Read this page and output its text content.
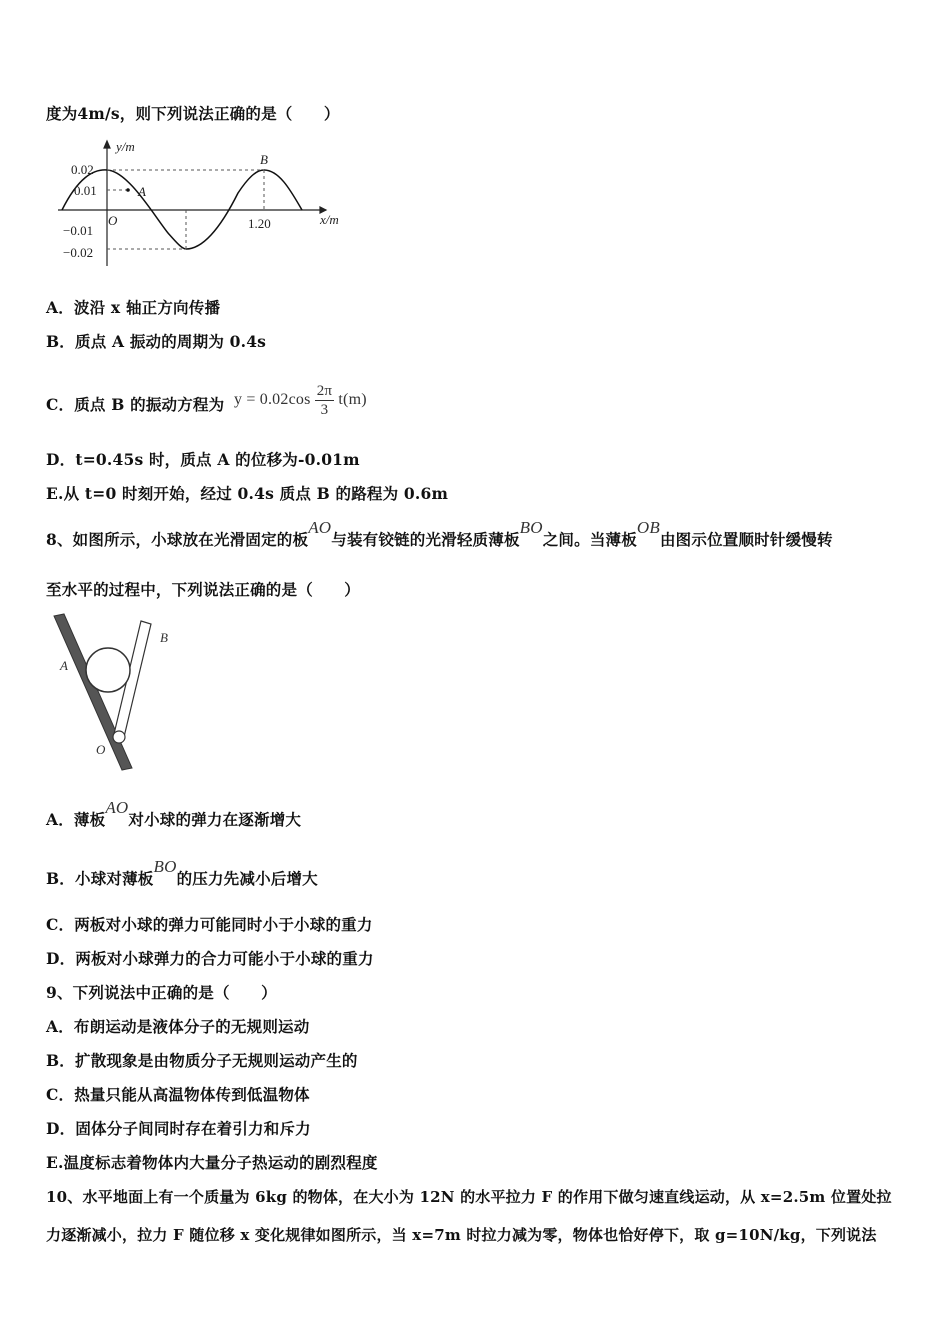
度为4m/s，则下列说法正确的是（　　）
y/m
x/m
B
A
O
0.02
0.01
−0.01
−0.02
1.20
A．波沿 x 轴正方向传播
B．质点 A 振动的周期为 0.4s
C．质点 B 的振动方程为 $y = 0.02\cos \frac{2\pi}{3} t(m)$
D．t=0.45s 时，质点 A 的位移为-0.01m
E.从 t=0 时刻开始，经过 0.4s 质点 B 的路程为 0.6m
8、如图所示，小球放在光滑固定的板AO与装有铰链的光滑轻质薄板BO之间。当薄板OB由图示位置顺时针缓慢转
至水平的过程中，下列说法正确的是（　　）
A
B
O
A．薄板AO对小球的弹力在逐渐增大
B．小球对薄板BO的压力先减小后增大
C．两板对小球的弹力可能同时小于小球的重力
D．两板对小球弹力的合力可能小于小球的重力
9、下列说法中正确的是（　　）
A．布朗运动是液体分子的无规则运动
B．扩散现象是由物质分子无规则运动产生的
C．热量只能从高温物体传到低温物体
D．固体分子间同时存在着引力和斥力
E.温度标志着物体内大量分子热运动的剧烈程度
10、水平地面上有一个质量为 6kg 的物体，在大小为 12N 的水平拉力 F 的作用下做匀速直线运动，从 x=2.5m 位置处拉
力逐渐减小，拉力 F 随位移 x 变化规律如图所示，当 x=7m 时拉力减为零，物体也恰好停下，取 g=10N/kg，下列说法
